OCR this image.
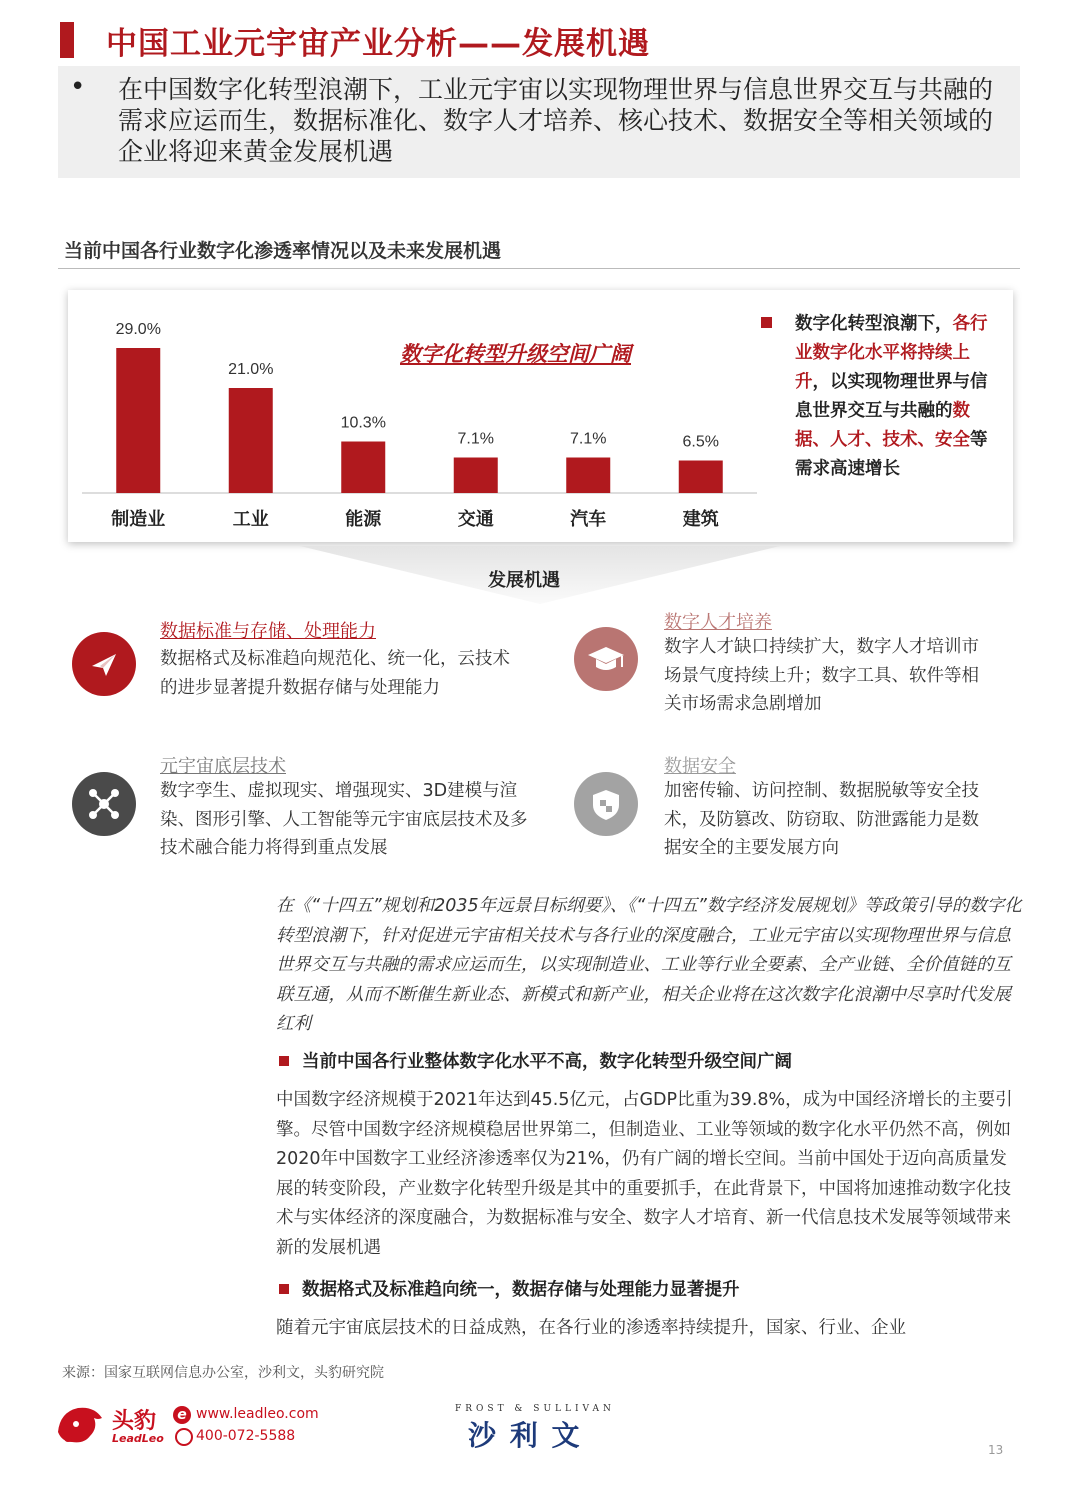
中国工业元宇宙产业分析——发展机遇
• 在中国数字化转型浪潮下，工业元宇宙以实现物理世界与信息世界交互与共融的需求应运而生，数据标准化、数字人才培养、核心技术、数据安全等相关领域的企业将迎来黄金发展机遇
当前中国各行业数字化渗透率情况以及未来发展机遇
29.0%
制造业
21.0%
工业
10.3%
能源
7.1%
交通
7.1%
汽车
6.5%
建筑
数字化转型升级空间广阔
数字化转型浪潮下，各行业数字化水平将持续上升，以实现物理世界与信息世界交互与共融的数据、人才、技术、安全等需求高速增长
发展机遇
数据标准与存储、处理能力
数据格式及标准趋向规范化、统一化，云技术的进步显著提升数据存储与处理能力
数字人才培养
数字人才缺口持续扩大，数字人才培训市场景气度持续上升；数字工具、软件等相关市场需求急剧增加
元宇宙底层技术
数字孪生、虚拟现实、增强现实、3D建模与渲染、图形引擎、人工智能等元宇宙底层技术及多技术融合能力将得到重点发展
数据安全
加密传输、访问控制、数据脱敏等安全技术，及防篡改、防窃取、防泄露能力是数据安全的主要发展方向
在《“十四五”规划和2035年远景目标纲要》、《“十四五”数字经济发展规划》等政策引导的数字化转型浪潮下，针对促进元宇宙相关技术与各行业的深度融合，工业元宇宙以实现物理世界与信息世界交互与共融的需求应运而生，以实现制造业、工业等行业全要素、全产业链、全价值链的互联互通，从而不断催生新业态、新模式和新产业，相关企业将在这次数字化浪潮中尽享时代发展红利
当前中国各行业整体数字化水平不高，数字化转型升级空间广阔
中国数字经济规模于2021年达到45.5亿元，占GDP比重为39.8%，成为中国经济增长的主要引擎。尽管中国数字经济规模稳居世界第二，但制造业、工业等领域的数字化水平仍然不高，例如2020年中国数字工业经济渗透率仅为21%，仍有广阔的增长空间。当前中国处于迈向高质量发展的转变阶段，产业数字化转型升级是其中的重要抓手，在此背景下，中国将加速推动数字化技术与实体经济的深度融合，为数据标准与安全、数字人才培育、新一代信息技术发展等领域带来新的发展机遇
数据格式及标准趋向统一，数据存储与处理能力显著提升
随着元宇宙底层技术的日益成熟，在各行业的渗透率持续提升，国家、行业、企业
来源：国家互联网信息办公室，沙利文，头豹研究院
头豹
LeadLeo
e www.leadleo.com
400-072-5588
FROST & SULLIVAN
沙 利 文	13
